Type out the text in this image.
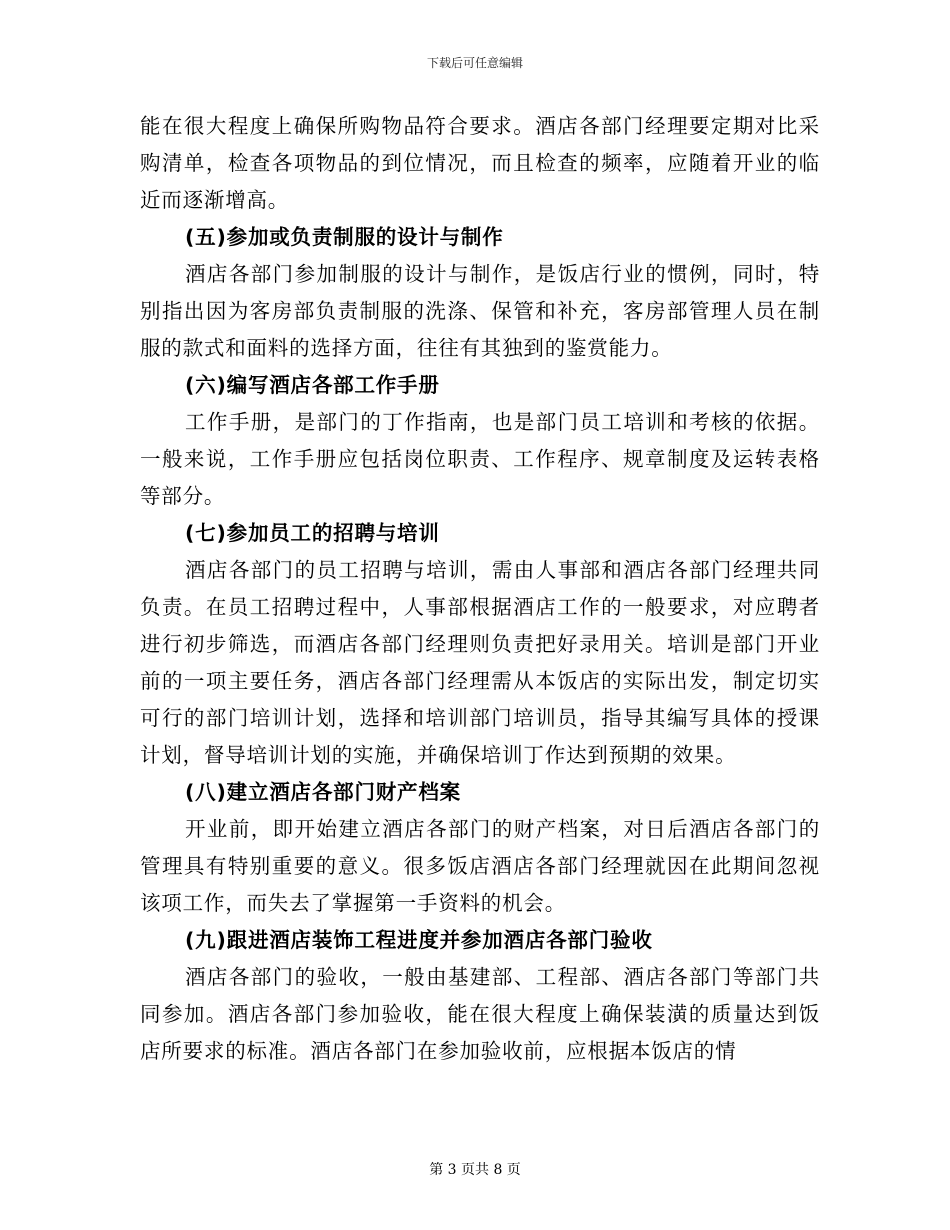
下载后可任意编辑

能在很大程度上确保所购物品符合要求。酒店各部门经理要定期对比采购清单，检查各项物品的到位情况，而且检查的频率，应随着开业的临近而逐渐增高。

(五)参加或负责制服的设计与制作

酒店各部门参加制服的设计与制作，是饭店行业的惯例，同时，特别指出因为客房部负责制服的洗涤、保管和补充，客房部管理人员在制服的款式和面料的选择方面，往往有其独到的鉴赏能力。

(六)编写酒店各部工作手册

工作手册，是部门的丁作指南，也是部门员工培训和考核的依据。一般来说，工作手册应包括岗位职责、工作程序、规章制度及运转表格等部分。

(七)参加员工的招聘与培训

酒店各部门的员工招聘与培训，需由人事部和酒店各部门经理共同负责。在员工招聘过程中，人事部根据酒店工作的一般要求，对应聘者进行初步筛选，而酒店各部门经理则负责把好录用关。培训是部门开业前的一项主要任务，酒店各部门经理需从本饭店的实际出发，制定切实可行的部门培训计划，选择和培训部门培训员，指导其编写具体的授课计划，督导培训计划的实施，并确保培训丁作达到预期的效果。

(八)建立酒店各部门财产档案

开业前，即开始建立酒店各部门的财产档案，对日后酒店各部门的管理具有特别重要的意义。很多饭店酒店各部门经理就因在此期间忽视该项工作，而失去了掌握第一手资料的机会。

(九)跟进酒店装饰工程进度并参加酒店各部门验收

酒店各部门的验收，一般由基建部、工程部、酒店各部门等部门共同参加。酒店各部门参加验收，能在很大程度上确保装潢的质量达到饭店所要求的标准。酒店各部门在参加验收前，应根据本饭店的情

第 3 页共 8 页
